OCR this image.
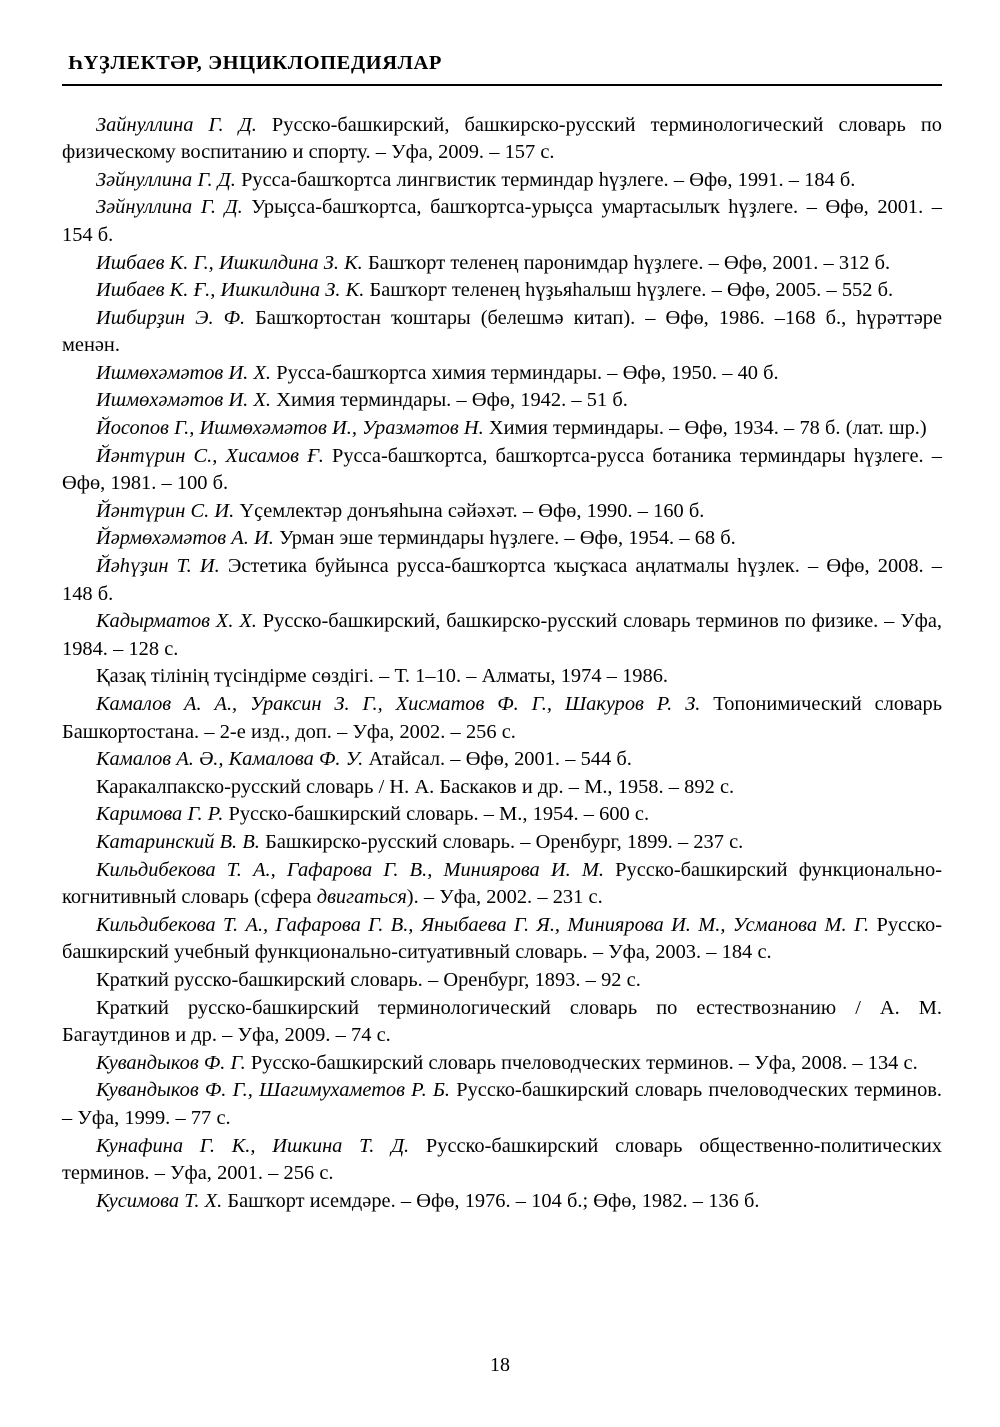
ҺҮҘЛЕКТӘР, ЭНЦИКЛОПЕДИЯЛАР

Зайнуллина Г. Д. Русско-башкирский, башкирско-русский терминологический словарь по физическому воспитанию и спорту. – Уфа, 2009. – 157 с.

Зәйнуллина Г. Д. Русса-башҡортса лингвистик терминдар һүҙлеге. – Өфө, 1991. – 184 б.

Зәйнуллина Г. Д. Урыҫса-башҡортса, башҡортса-урыҫса умартасылыҡ һүҙлеге. – Өфө, 2001. – 154 б.

Ишбаев К. Г., Ишкилдина З. К. Башҡорт теленең паронимдар һүҙлеге. – Өфө, 2001. – 312 б.

Ишбаев К. Ғ., Ишкилдина З. К. Башҡорт теленең һүҙьяһалыш һүҙлеге. – Өфө, 2005. – 552 б.

Ишбирҙин Э. Ф. Башҡортостан ҡоштары (белешмә китап). – Өфө, 1986. –168 б., һүрәттәре менән.

Ишмөхәмәтов И. Х. Русса-башҡортса химия терминдары. – Өфө, 1950. – 40 б.

Ишмөхәмәтов И. Х. Химия терминдары. – Өфө, 1942. – 51 б.

Йосопов Г., Ишмөхәмәтов И., Уразмәтов Н. Химия терминдары. – Өфө, 1934. – 78 б. (лат. шр.)

Йәнтүрин С., Хисамов Ғ. Русса-башҡортса, башҡортса-русса ботаника терминдары һүҙлеге. – Өфө, 1981. – 100 б.

Йәнтүрин С. И. Үҫемлектәр донъяһына сәйәхәт. – Өфө, 1990. – 160 б.

Йәрмөхәмәтов А. И. Урман эше терминдары һүҙлеге. – Өфө, 1954. – 68 б.

Йәһүҙин Т. И. Эстетика буйынса русса-башҡортса ҡыҫҡаса аңлатмалы һүҙлек. – Өфө, 2008. – 148 б.

Кадырматов Х. Х. Русско-башкирский, башкирско-русский словарь терминов по физике. – Уфа, 1984. – 128 с.

Қазақ тілінің түсіндірме сөздігі. – Т. 1–10. – Алматы, 1974 – 1986.

Камалов А. А., Ураксин З. Г., Хисматов Ф. Г., Шакуров Р. З. Топонимический словарь Башкортостана. – 2-е изд., доп. – Уфа, 2002. – 256 с.

Камалов А. Ә., Камалова Ф. У. Атайсал. – Өфө, 2001. – 544 б.

Каракалпакско-русский словарь / Н. А. Баскаков и др. – М., 1958. – 892 с.

Каримова Г. Р. Русско-башкирский словарь. – М., 1954. – 600 с.

Катаринский В. В. Башкирско-русский словарь. – Оренбург, 1899. – 237 с.

Кильдибекова Т. А., Гафарова Г. В., Миниярова И. М. Русско-башкирский функционально-когнитивный словарь (сфера двигаться). – Уфа, 2002. – 231 с.

Кильдибекова Т. А., Гафарова Г. В., Яныбаева Г. Я., Миниярова И. М., Усманова М. Г. Русско-башкирский учебный функционально-ситуативный словарь. – Уфа, 2003. – 184 с.

Краткий русско-башкирский словарь. – Оренбург, 1893. – 92 с.

Краткий русско-башкирский терминологический словарь по естествознанию / А. М. Багаутдинов и др. – Уфа, 2009. – 74 с.

Кувандыков Ф. Г. Русско-башкирский словарь пчеловодческих терминов. – Уфа, 2008. – 134 с.

Кувандыков Ф. Г., Шагимухаметов Р. Б. Русско-башкирский словарь пчеловодческих терминов. – Уфа, 1999. – 77 с.

Кунафина Г. К., Ишкина Т. Д. Русско-башкирский словарь общественно-политических терминов. – Уфа, 2001. – 256 с.

Кусимова Т. Х. Башҡорт исемдәре. – Өфө, 1976. – 104 б.; Өфө, 1982. – 136 б.

18
